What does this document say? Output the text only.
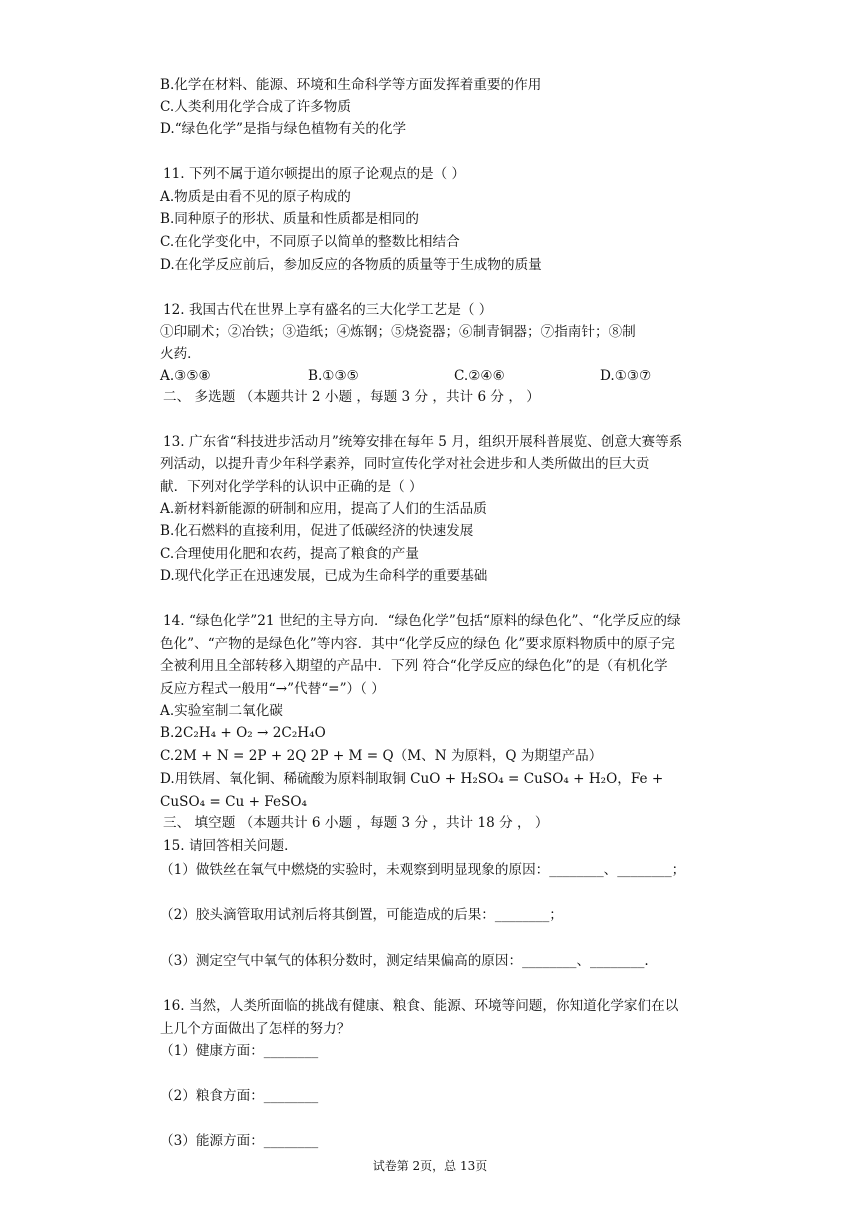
B.化学在材料、能源、环境和生命科学等方面发挥着重要的作用
C.人类利用化学合成了许多物质
D.“绿色化学”是指与绿色植物有关的化学
11. 下列不属于道尔顿提出的原子论观点的是（ ）
A.物质是由看不见的原子构成的
B.同种原子的形状、质量和性质都是相同的
C.在化学变化中，不同原子以简单的整数比相结合
D.在化学反应前后，参加反应的各物质的质量等于生成物的质量
12. 我国古代在世界上享有盛名的三大化学工艺是（ ）
①印刷术；②冶铁；③造纸；④炼钢；⑤烧瓷器；⑥制青铜器；⑦指南针；⑧制
火药．
A.③⑤⑧	B.①③⑤	C.②④⑥	D.①③⑦
二、 多选题 （本题共计 2 小题 ，每题 3 分 ，共计 6 分 ， ）
13. 广东省“科技进步活动月”统筹安排在每年 5 月，组织开展科普展览、创意大赛等系
列活动，以提升青少年科学素养，同时宣传化学对社会进步和人类所做出的巨大贡
献．下列对化学学科的认识中正确的是（ ）
A.新材料新能源的研制和应用，提高了人们的生活品质
B.化石燃料的直接利用，促进了低碳经济的快速发展
C.合理使用化肥和农药，提高了粮食的产量
D.现代化学正在迅速发展，已成为生命科学的重要基础
14. “绿色化学”21 世纪的主导方向．“绿色化学”包括“原料的绿色化”、“化学反应的绿
色化”、“产物的是绿色化”等内容．其中“化学反应的绿色 化”要求原料物质中的原子完
全被利用且全部转移入期望的产品中．下列 符合“化学反应的绿色化”的是（有机化学
反应方程式一般用“→”代替“=”）（ ）
A.实验室制二氧化碳
B.2C₂H₄ + O₂ → 2C₂H₄O
C.2M + N = 2P + 2Q 2P + M = Q（M、N 为原料，Q 为期望产品）
D.用铁屑、氧化铜、稀硫酸为原料制取铜 CuO + H₂SO₄ = CuSO₄ + H₂O，Fe +
CuSO₄ = Cu + FeSO₄
三、 填空题 （本题共计 6 小题 ，每题 3 分 ，共计 18 分 ， ）
15. 请回答相关问题．
（1）做铁丝在氧气中燃烧的实验时，未观察到明显现象的原因：________、________；
（2）胶头滴管取用试剂后将其倒置，可能造成的后果：________；
（3）测定空气中氧气的体积分数时，测定结果偏高的原因：________、________.
16. 当然，人类所面临的挑战有健康、粮食、能源、环境等问题，你知道化学家们在以
上几个方面做出了怎样的努力？
（1）健康方面：________
（2）粮食方面：________
（3）能源方面：________
试卷第 2页，总 13页
